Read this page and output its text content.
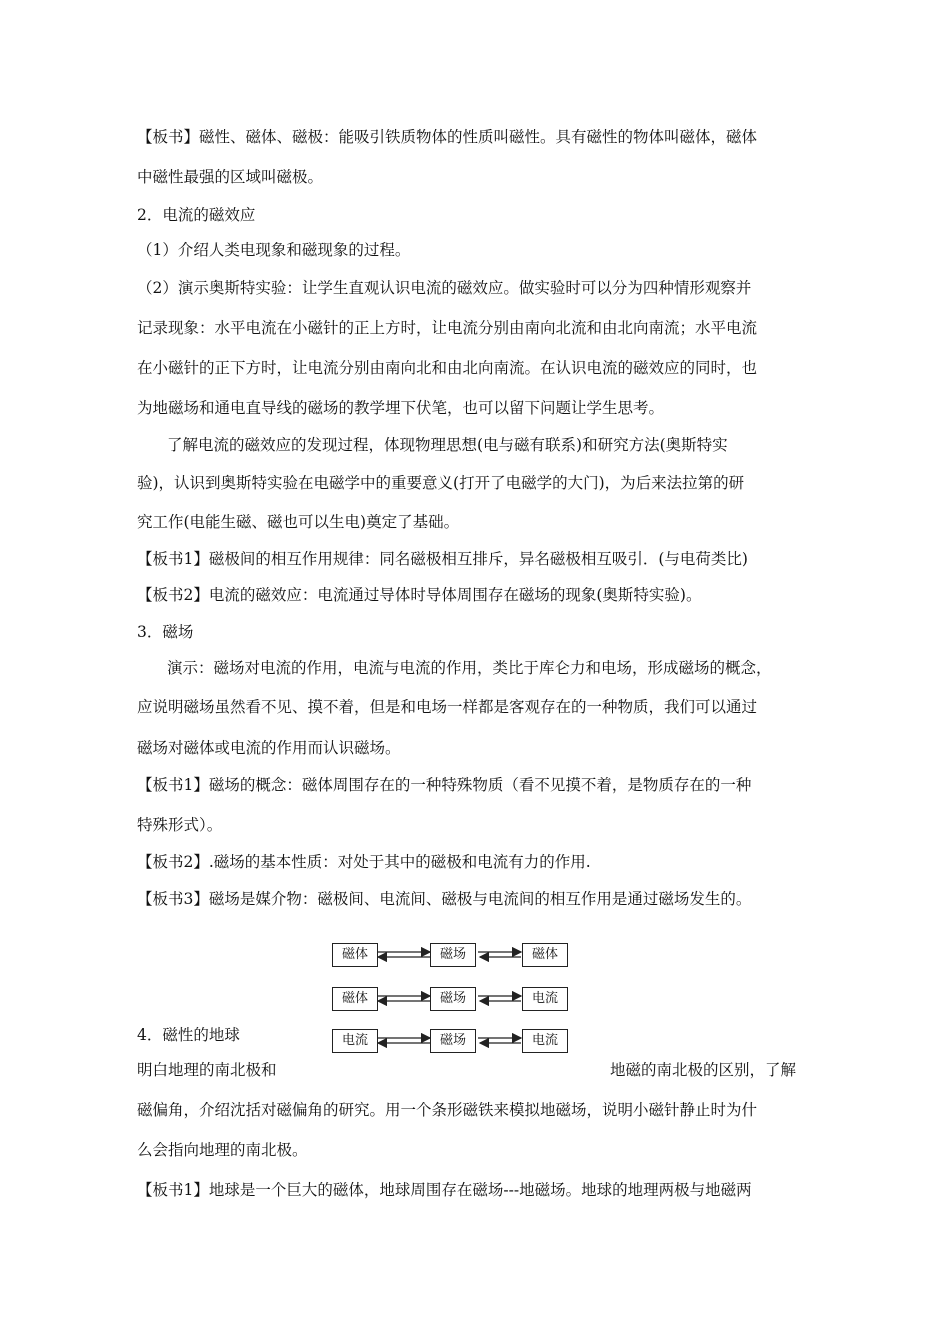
【板书】磁性、磁体、磁极：能吸引铁质物体的性质叫磁性。具有磁性的物体叫磁体，磁体
中磁性最强的区域叫磁极。
2．电流的磁效应
（1）介绍人类电现象和磁现象的过程。
（2）演示奥斯特实验：让学生直观认识电流的磁效应。做实验时可以分为四种情形观察并
记录现象：水平电流在小磁针的正上方时，让电流分别由南向北流和由北向南流；水平电流
在小磁针的正下方时，让电流分别由南向北和由北向南流。在认识电流的磁效应的同时，也
为地磁场和通电直导线的磁场的教学埋下伏笔，也可以留下问题让学生思考。
了解电流的磁效应的发现过程，体现物理思想(电与磁有联系)和研究方法(奥斯特实
验)，认识到奥斯特实验在电磁学中的重要意义(打开了电磁学的大门)，为后来法拉第的研
究工作(电能生磁、磁也可以生电)奠定了基础。
【板书1】磁极间的相互作用规律：同名磁极相互排斥，异名磁极相互吸引．(与电荷类比)
【板书2】电流的磁效应：电流通过导体时导体周围存在磁场的现象(奥斯特实验)。
3．磁场
演示：磁场对电流的作用，电流与电流的作用，类比于库仑力和电场，形成磁场的概念，
应说明磁场虽然看不见、摸不着，但是和电场一样都是客观存在的一种物质，我们可以通过
磁场对磁体或电流的作用而认识磁场。
【板书1】磁场的概念：磁体周围存在的一种特殊物质（看不见摸不着，是物质存在的一种
特殊形式）。
【板书2】.磁场的基本性质：对处于其中的磁极和电流有力的作用.
【板书3】磁场是媒介物：磁极间、电流间、磁极与电流间的相互作用是通过磁场发生的。
4．磁性的地球
明白地理的南北极和	地磁的南北极的区别，了解
磁偏角，介绍沈括对磁偏角的研究。用一个条形磁铁来模拟地磁场，说明小磁针静止时为什
么会指向地理的南北极。
【板书1】地球是一个巨大的磁体，地球周围存在磁场---地磁场。地球的地理两极与地磁两
磁体	磁场	磁体
磁体	磁场	电流
电流	磁场	电流
